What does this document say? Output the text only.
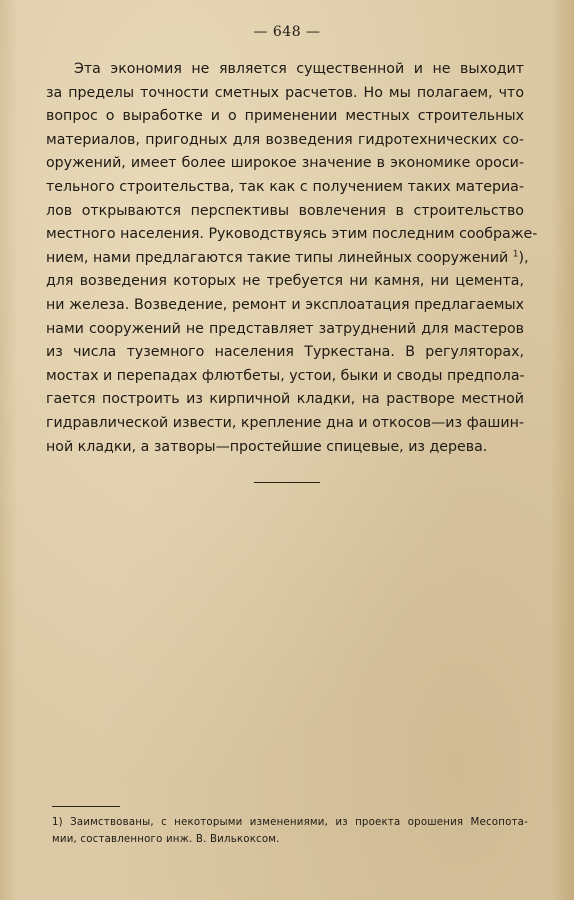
— 648 —
Эта экономия не является существенной и не выходит
за пределы точности сметных расчетов. Но мы полагаем, что
вопрос о выработке и о применении местных строительных
материалов, пригодных для возведения гидротехнических со-
оружений, имеет более широкое значение в экономике ороси-
тельного строительства, так как с получением таких материа-
лов открываются перспективы вовлечения в строительство
местного населения. Руководствуясь этим последним соображе-
нием, нами предлагаются такие типы линейных сооружений $^1$),
для возведения которых не требуется ни камня, ни цемента,
ни железа. Возведение, ремонт и эксплоатация предлагаемых
нами сооружений не представляет затруднений для мастеров
из числа туземного населения Туркестана. В регуляторах,
мостах и перепадах флютбеты, устои, быки и своды предпола-
гается построить из кирпичной кладки, на растворе местной
гидравлической извести, крепление дна и откосов—из фашин-
ной кладки, а затворы—простейшие спицевые, из дерева.
1) Заимствованы, с некоторыми изменениями, из проекта орошения Месопота-
мии, составленного инж. В. Вилькоксом.
